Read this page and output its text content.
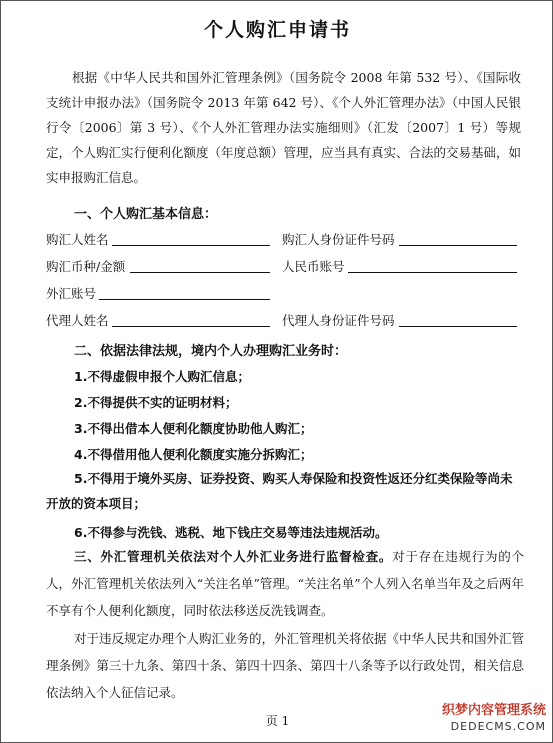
个人购汇申请书
根据《中华人民共和国外汇管理条例》（国务院令 2008 年第 532 号）、《国际收支统计申报办法》（国务院令 2013 年第 642 号）、《个人外汇管理办法》（中国人民银行令〔2006〕第 3 号）、《个人外汇管理办法实施细则》（汇发〔2007〕1 号）等规定，个人购汇实行便利化额度（年度总额）管理，应当具有真实、合法的交易基础，如实申报购汇信息。
一、个人购汇基本信息：
购汇人姓名	购汇人身份证件号码
购汇币种/金额	人民币账号
外汇账号
代理人姓名	代理人身份证件号码
二、依据法律法规，境内个人办理购汇业务时：
1.不得虚假申报个人购汇信息；
2.不得提供不实的证明材料；
3.不得出借本人便利化额度协助他人购汇；
4.不得借用他人便利化额度实施分拆购汇；
5.不得用于境外买房、证券投资、购买人寿保险和投资性返还分红类保险等尚未开放的资本项目；
6.不得参与洗钱、逃税、地下钱庄交易等违法违规活动。
三、外汇管理机关依法对个人外汇业务进行监督检查。对于存在违规行为的个人，外汇管理机关依法列入“关注名单”管理。“关注名单”个人列入名单当年及之后两年不享有个人便利化额度，同时依法移送反洗钱调查。
对于违反规定办理个人购汇业务的，外汇管理机关将依据《中华人民共和国外汇管理条例》第三十九条、第四十条、第四十四条、第四十八条等予以行政处罚，相关信息依法纳入个人征信记录。
页 1
织梦内容管理系统
DEDECMS.COM
